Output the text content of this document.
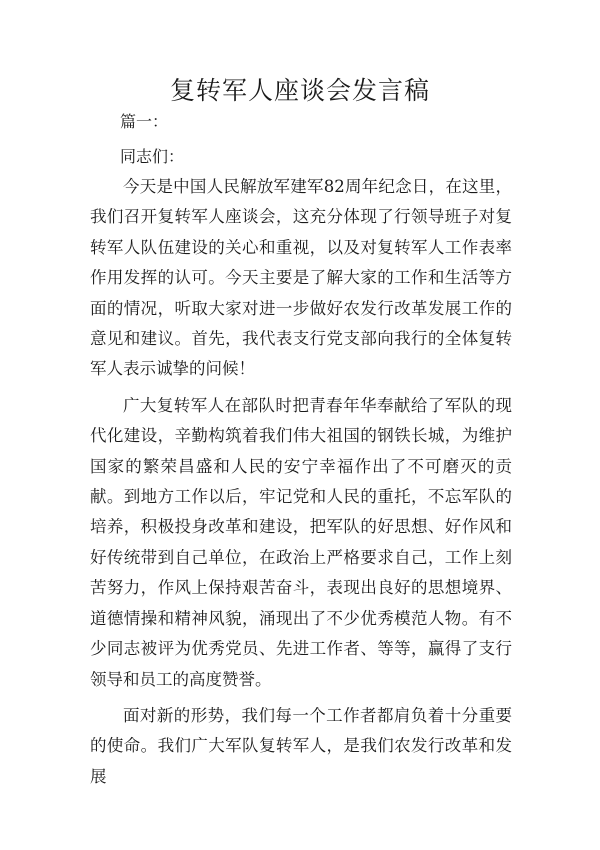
复转军人座谈会发言稿
篇一：
同志们：

今天是中国人民解放军建军82周年纪念日，在这里，我们召开复转军人座谈会，这充分体现了行领导班子对复转军人队伍建设的关心和重视，以及对复转军人工作表率作用发挥的认可。今天主要是了解大家的工作和生活等方面的情况，听取大家对进一步做好农发行改革发展工作的意见和建议。首先，我代表支行党支部向我行的全体复转军人表示诚挚的问候！

广大复转军人在部队时把青春年华奉献给了军队的现代化建设，辛勤构筑着我们伟大祖国的钢铁长城，为维护国家的繁荣昌盛和人民的安宁幸福作出了不可磨灭的贡献。到地方工作以后，牢记党和人民的重托，不忘军队的培养，积极投身改革和建设，把军队的好思想、好作风和好传统带到自己单位，在政治上严格要求自己，工作上刻苦努力，作风上保持艰苦奋斗，表现出良好的思想境界、道德情操和精神风貌，涌现出了不少优秀模范人物。有不少同志被评为优秀党员、先进工作者、等等，赢得了支行领导和员工的高度赞誉。

面对新的形势，我们每一个工作者都肩负着十分重要的使命。我们广大军队复转军人，是我们农发行改革和发展
